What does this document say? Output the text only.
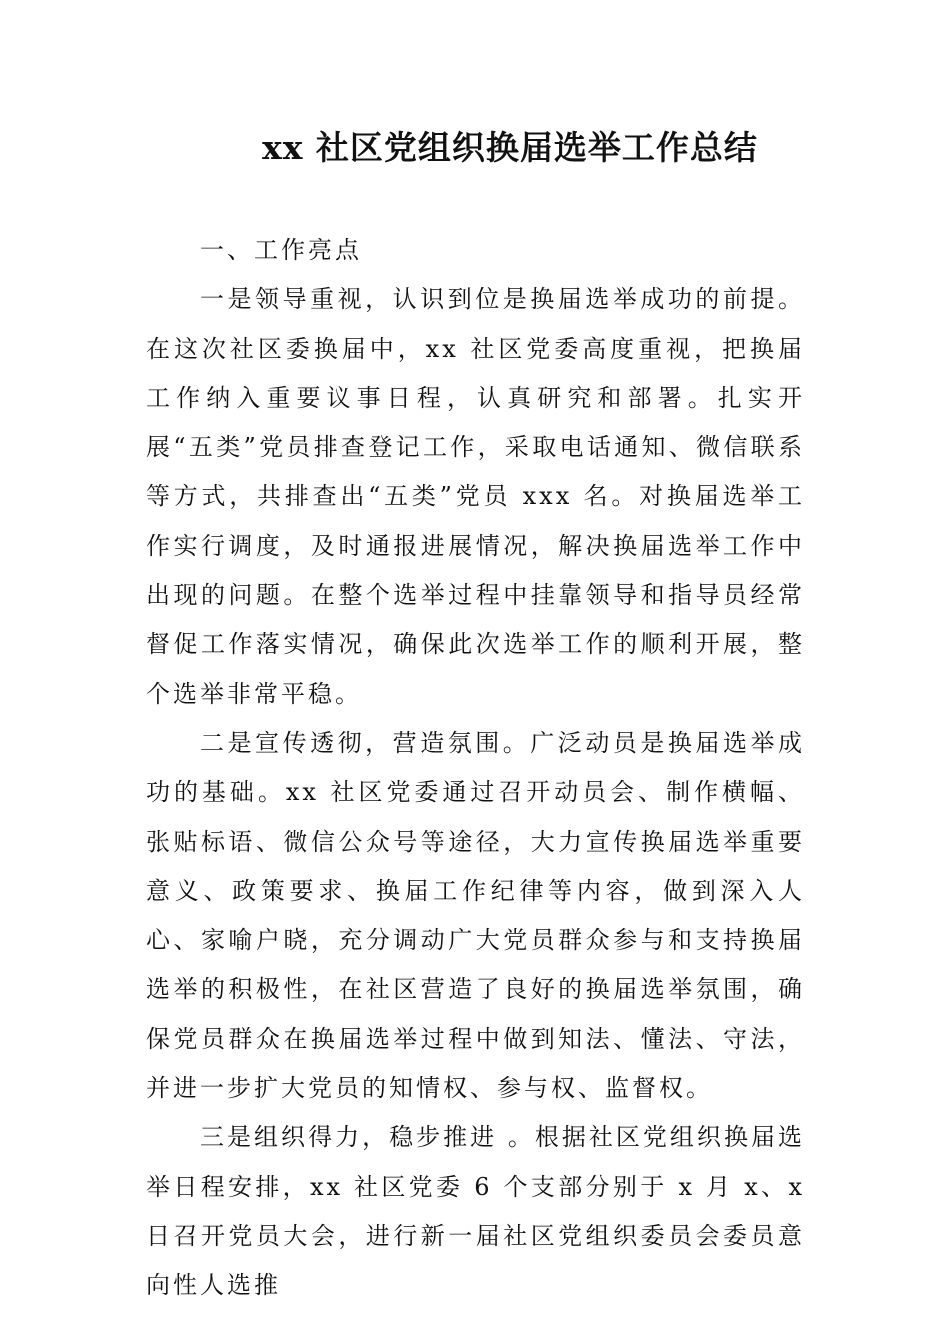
xx 社区党组织换届选举工作总结

一、工作亮点

一是领导重视，认识到位是换届选举成功的前提。在这次社区委换届中，xx 社区党委高度重视，把换届工作纳入重要议事日程，认真研究和部署。扎实开展“五类”党员排查登记工作，采取电话通知、微信联系等方式，共排查出“五类”党员 xxx 名。对换届选举工作实行调度，及时通报进展情况，解决换届选举工作中出现的问题。在整个选举过程中挂靠领导和指导员经常督促工作落实情况，确保此次选举工作的顺利开展，整个选举非常平稳。

二是宣传透彻，营造氛围。广泛动员是换届选举成功的基础。xx 社区党委通过召开动员会、制作横幅、张贴标语、微信公众号等途径，大力宣传换届选举重要意义、政策要求、换届工作纪律等内容，做到深入人心、家喻户晓，充分调动广大党员群众参与和支持换届选举的积极性，在社区营造了良好的换届选举氛围，确保党员群众在换届选举过程中做到知法、懂法、守法，并进一步扩大党员的知情权、参与权、监督权。

三是组织得力，稳步推进 。根据社区党组织换届选举日程安排，xx 社区党委 6 个支部分别于 x 月 x、x 日召开党员大会，进行新一届社区党组织委员会委员意向性人选推
